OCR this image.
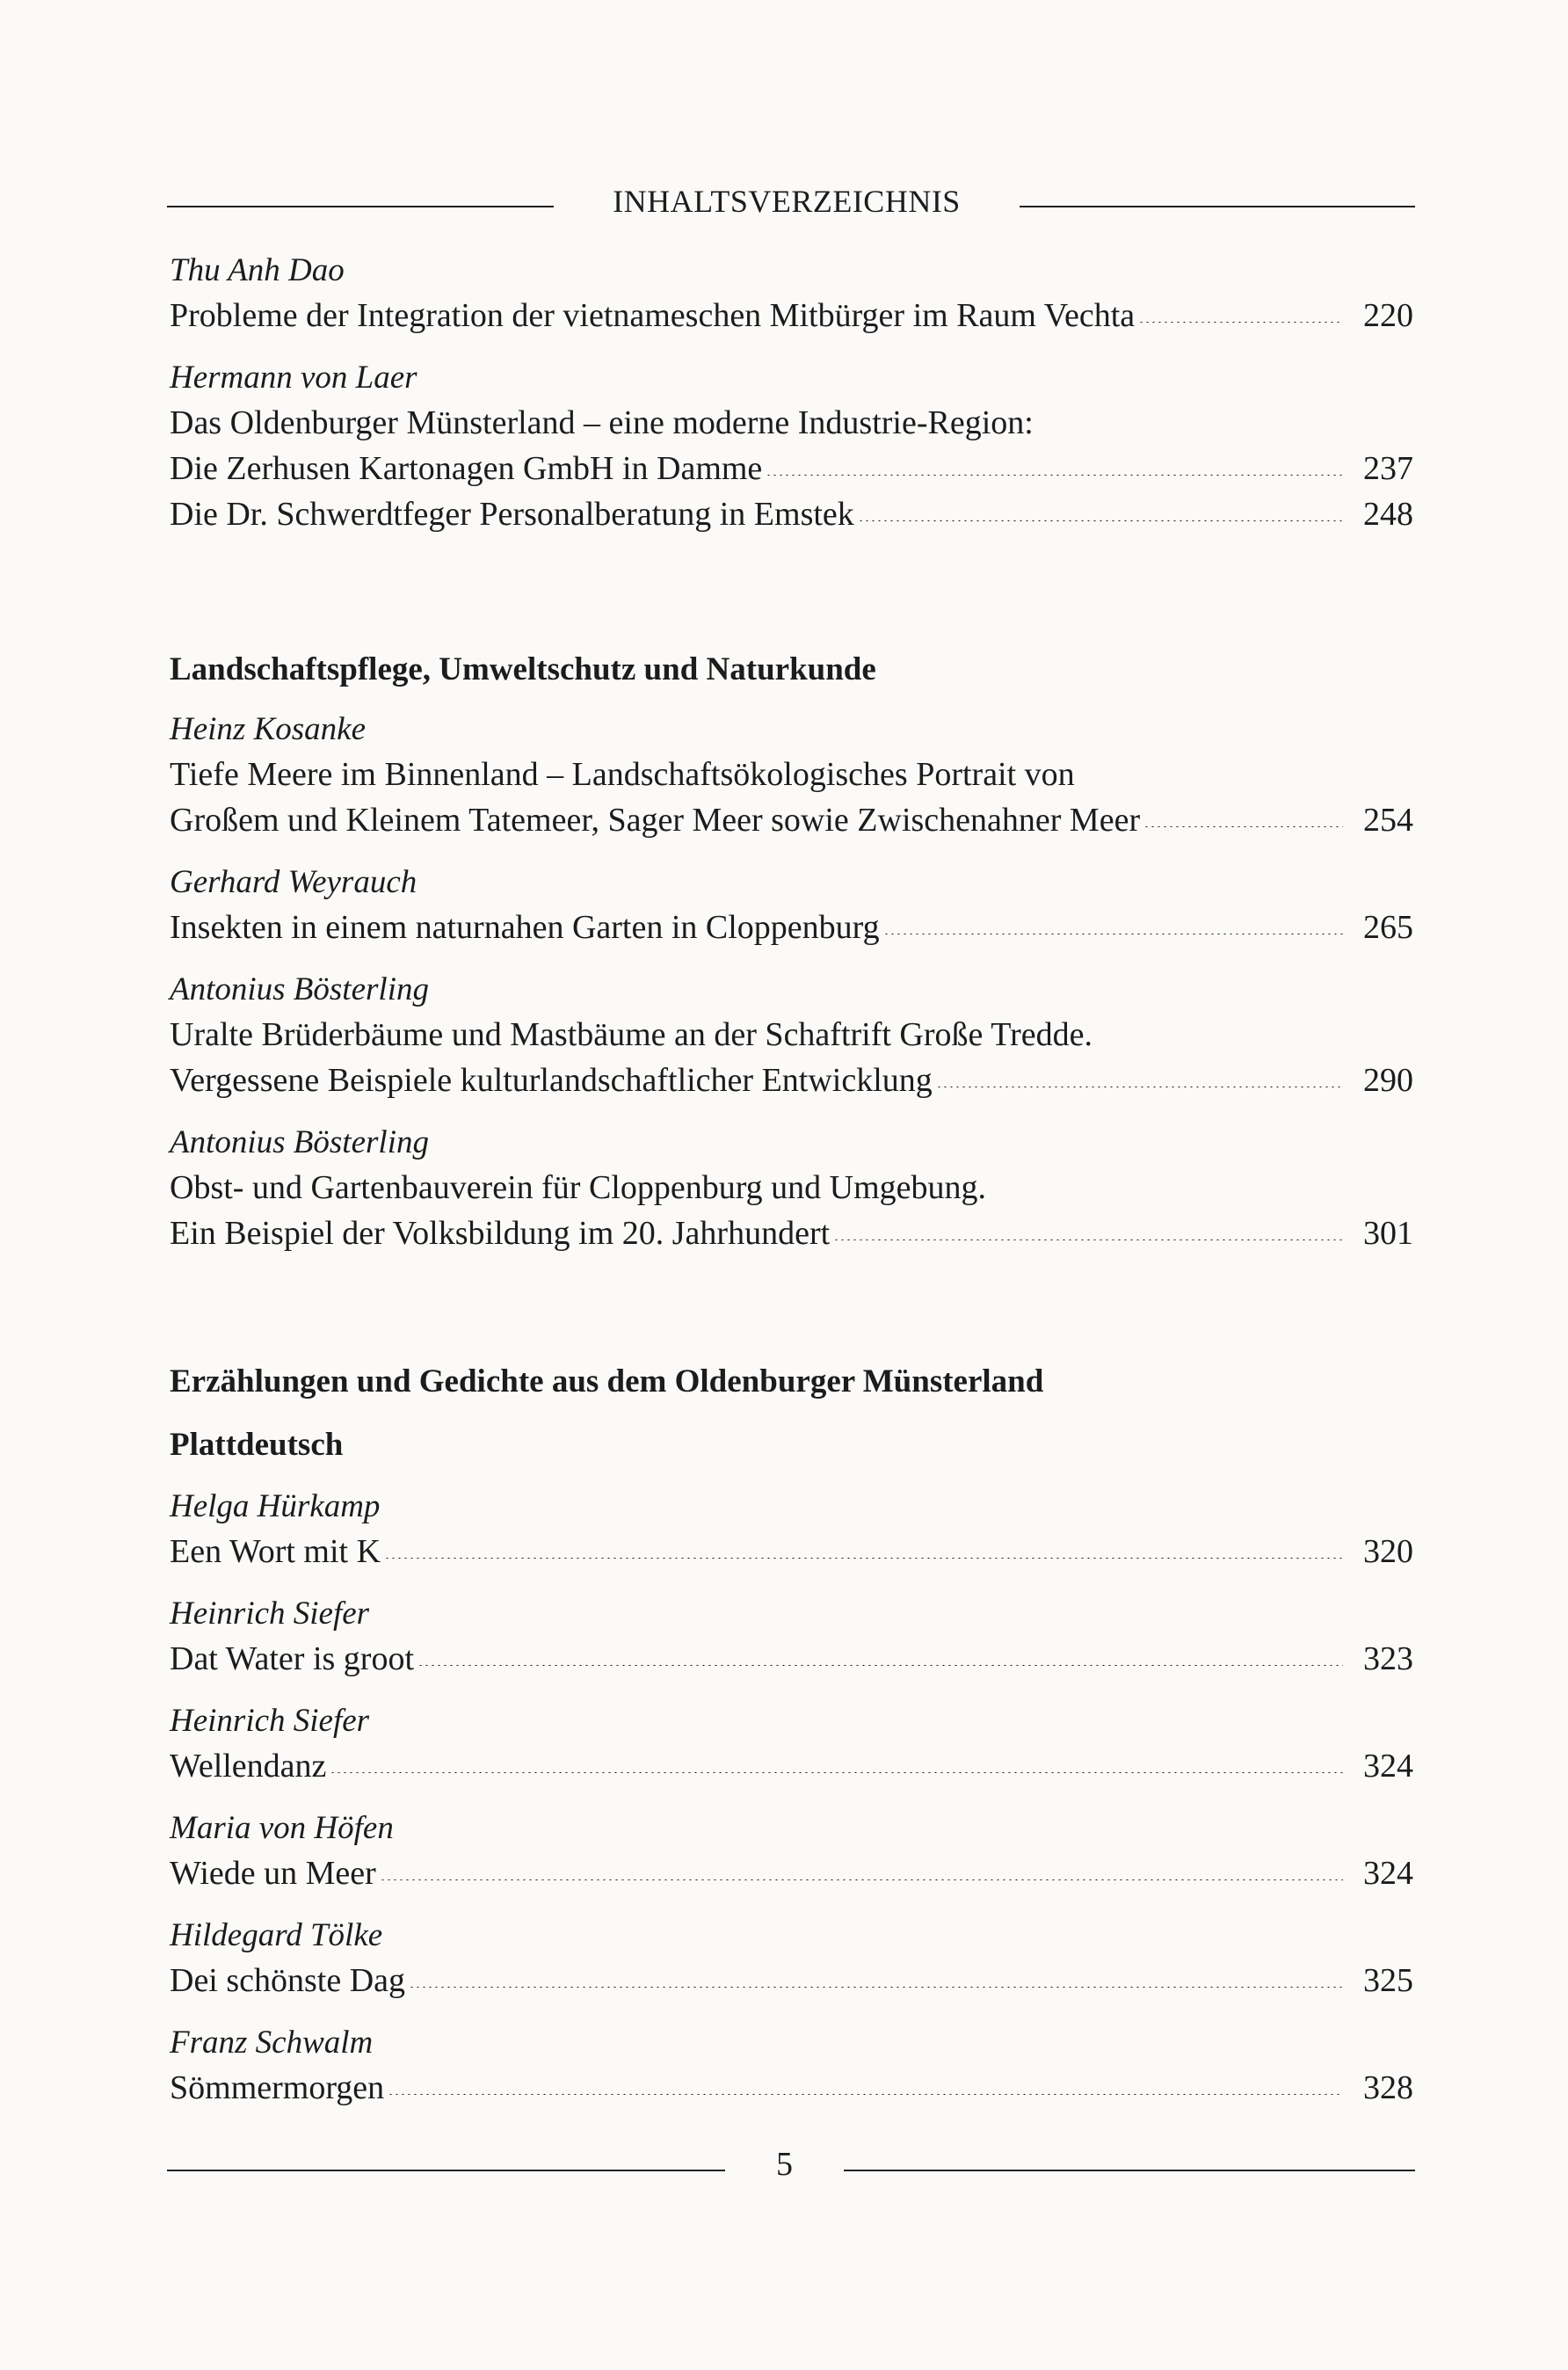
INHALTSVERZEICHNIS
Thu Anh Dao
Probleme der Integration der vietnameschen Mitbürger im Raum Vechta	220
Hermann von Laer
Das Oldenburger Münsterland – eine moderne Industrie-Region:
Die Zerhusen Kartonagen GmbH in Damme	237
Die Dr. Schwerdtfeger Personalberatung in Emstek	248
Landschaftspflege, Umweltschutz und Naturkunde
Heinz Kosanke
Tiefe Meere im Binnenland – Landschaftsökologisches Portrait von
Großem und Kleinem Tatemeer, Sager Meer sowie Zwischenahner Meer	254
Gerhard Weyrauch
Insekten in einem naturnahen Garten in Cloppenburg	265
Antonius Bösterling
Uralte Brüderbäume und Mastbäume an der Schaftrift Große Tredde.
Vergessene Beispiele kulturlandschaftlicher Entwicklung	290
Antonius Bösterling
Obst- und Gartenbauverein für Cloppenburg und Umgebung.
Ein Beispiel der Volksbildung im 20. Jahrhundert	301
Erzählungen und Gedichte aus dem Oldenburger Münsterland
Plattdeutsch
Helga Hürkamp
Een Wort mit K	320
Heinrich Siefer
Dat Water is groot	323
Heinrich Siefer
Wellendanz	324
Maria von Höfen
Wiede un Meer	324
Hildegard Tölke
Dei schönste Dag	325
Franz Schwalm
Sömmermorgen	328
5
